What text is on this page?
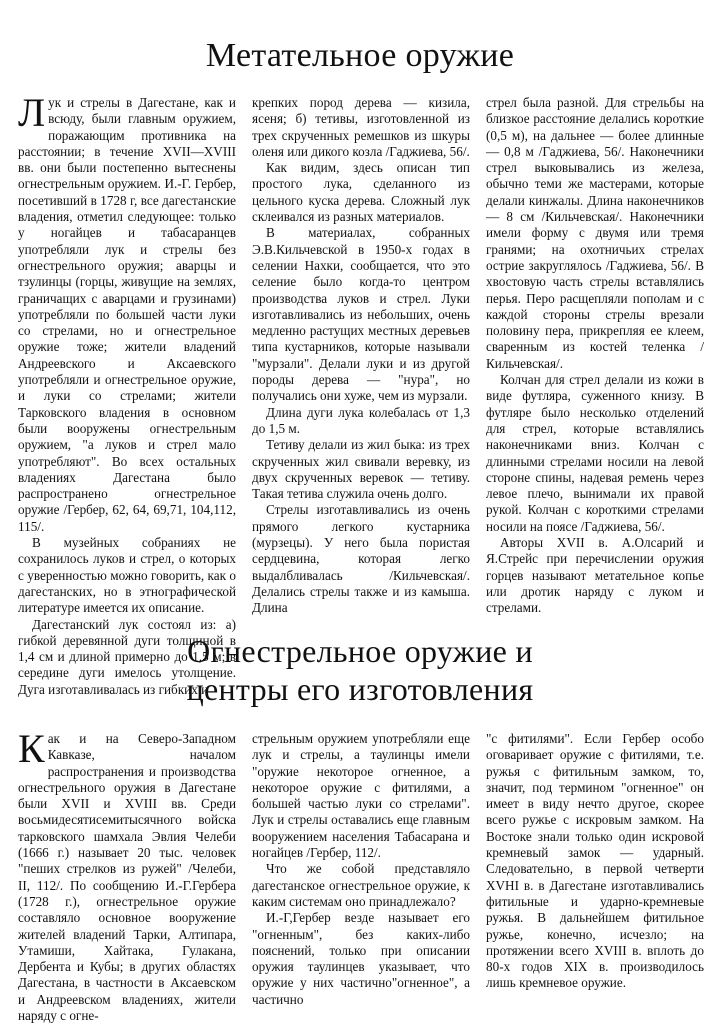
Метательное оружие

Лук и стрелы в Дагестане, как и всюду, были главным оружием, поражающим противника на расстоянии; в течение XVII—XVIII вв. они были постепенно вытеснены огнестрельным оружием. И.-Г. Гербер, посетивший в 1728 г, все дагестанские владения, отметил следующее: только у ногайцев и табасаранцев употребляли лук и стрелы без огнестрельного оружия; аварцы и тзулинцы (горцы, живущие на землях, граничащих с аварцами и грузинами) употребляли по большей части луки со стрелами, но и огнестрельное оружие тоже; жители владений Андреевского и Аксаевского употребляли и огнестрельное оружие, и луки со стрелами; жители Тарковского владения в основном были вооружены огнестрельным оружием, "а луков и стрел мало употребляют". Во всех остальных владениях Дагестана было распространено огнестрельное оружие /Гербер, 62, 64, 69,71, 104,112, 115/.

В музейных собраниях не сохранилось луков и стрел, о которых с уверенностью можно говорить, как о дагестанских, но в этнографической литературе имеется их описание.

Дагестанский лук состоял из: а) гибкой деревянной дуги толщиной в 1,4 см и длиной примерно до 1,5 м; в середине дуги имелось утолщение. Дуга изготавливалась из гибких и

крепких пород дерева — кизила, ясеня; б) тетивы, изготовленной из трех скрученных ремешков из шкуры оленя или дикого козла /Гаджиева, 56/.

Как видим, здесь описан тип простого лука, сделанного из цельного куска дерева. Сложный лук склеивался из разных материалов.

В материалах, собранных Э.В.Кильчевской в 1950-х годах в селении Нахки, сообщается, что это селение было когда-то центром производства луков и стрел. Луки изготавливались из небольших, очень медленно растущих местных деревьев типа кустарников, которые называли "мурзали". Делали луки и из другой породы дерева — "нура", но получались они хуже, чем из мурзали.

Длина дуги лука колебалась от 1,3 до 1,5 м.

Тетиву делали из жил быка: из трех скрученных жил свивали веревку, из двух скрученных веревок — тетиву. Такая тетива служила очень долго.

Стрелы изготавливались из очень прямого легкого кустарника (мурзецы). У него была пористая сердцевина, которая легко выдалбливалась /Кильчевская/. Делались стрелы также и из камыша. Длина

стрел была разной. Для стрельбы на близкое расстояние делались короткие (0,5 м), на дальнее — более длинные — 0,8 м /Гаджиева, 56/. Наконечники стрел выковывались из железа, обычно теми же мастерами, которые делали кинжалы. Длина наконечников — 8 см /Кильчевская/. Наконечники имели форму с двумя или тремя гранями; на охотничьих стрелах острие закруглялось /Гаджиева, 56/. В хвостовую часть стрелы вставлялись перья. Перо расщепляли пополам и с каждой стороны стрелы врезали половину пера, прикрепляя ее клеем, сваренным из костей теленка /Кильчевская/.

Колчан для стрел делали из кожи в виде футляра, суженного книзу. В футляре было несколько отделений для стрел, которые вставлялись наконечниками вниз. Колчан с длинными стрелами носили на левой стороне спины, надевая ремень через левое плечо, вынимали их правой рукой. Колчан с короткими стрелами носили на поясе /Гаджиева, 56/.

Авторы XVII в. А.Олсарий и Я.Стрейс при перечислении оружия горцев называют метательное копье или дротик наряду с луком и стрелами.

Огнестрельное оружие и
центры его изготовления

Как и на Северо-Западном Кавказе, началом распространения и производства огнестрельного оружия в Дагестане были XVII и XVIII вв. Среди восьмидесятисемитысячного войска тарковского шамхала Эвлия Челеби (1666 г.) называет 20 тыс. человек "пеших стрелков из ружей" /Челеби, II, 112/. По сообщению И.-Г.Гербера (1728 г.), огнестрельное оружие составляло основное вооружение жителей владений Тарки, Алтипара, Утамиши, Хайтака, Гулакана, Дербента и Кубы; в других областях Дагестана, в частности в Аксаевском и Андреевском владениях, жители наряду с огне-

стрельным оружием употребляли еще лук и стрелы, а таулинцы имели "оружие некоторое огненное, а некоторое оружие с фитилями, а большей частью луки со стрелами". Лук и стрелы оставались еще главным вооружением населения Табасарана и ногайцев /Гербер, 112/.

Что же собой представляло дагестанское огнестрельное оружие, к каким системам оно принадлежало?

И.-Г,Гербер везде называет его "огненным", без каких-либо пояснений, только при описании оружия таулинцев указывает, что оружие у них частично"огненное", а частично

"с фитилями". Если Гербер особо оговаривает оружие с фитилями, т.е. ружья с фитильным замком, то, значит, под термином "огненное" он имеет в виду нечто другое, скорее всего ружье с искровым замком. На Востоке знали только один искровой кремневый замок — ударный. Следовательно, в первой четверти XVHI в. в Дагестане изготавливались фитильные и ударно-кремневые ружья. В дальнейшем фитильное ружье, конечно, исчезло; на протяжении всего XVIII в. вплоть до 80-х годов XIX в. производилось лишь кремневое оружие.
